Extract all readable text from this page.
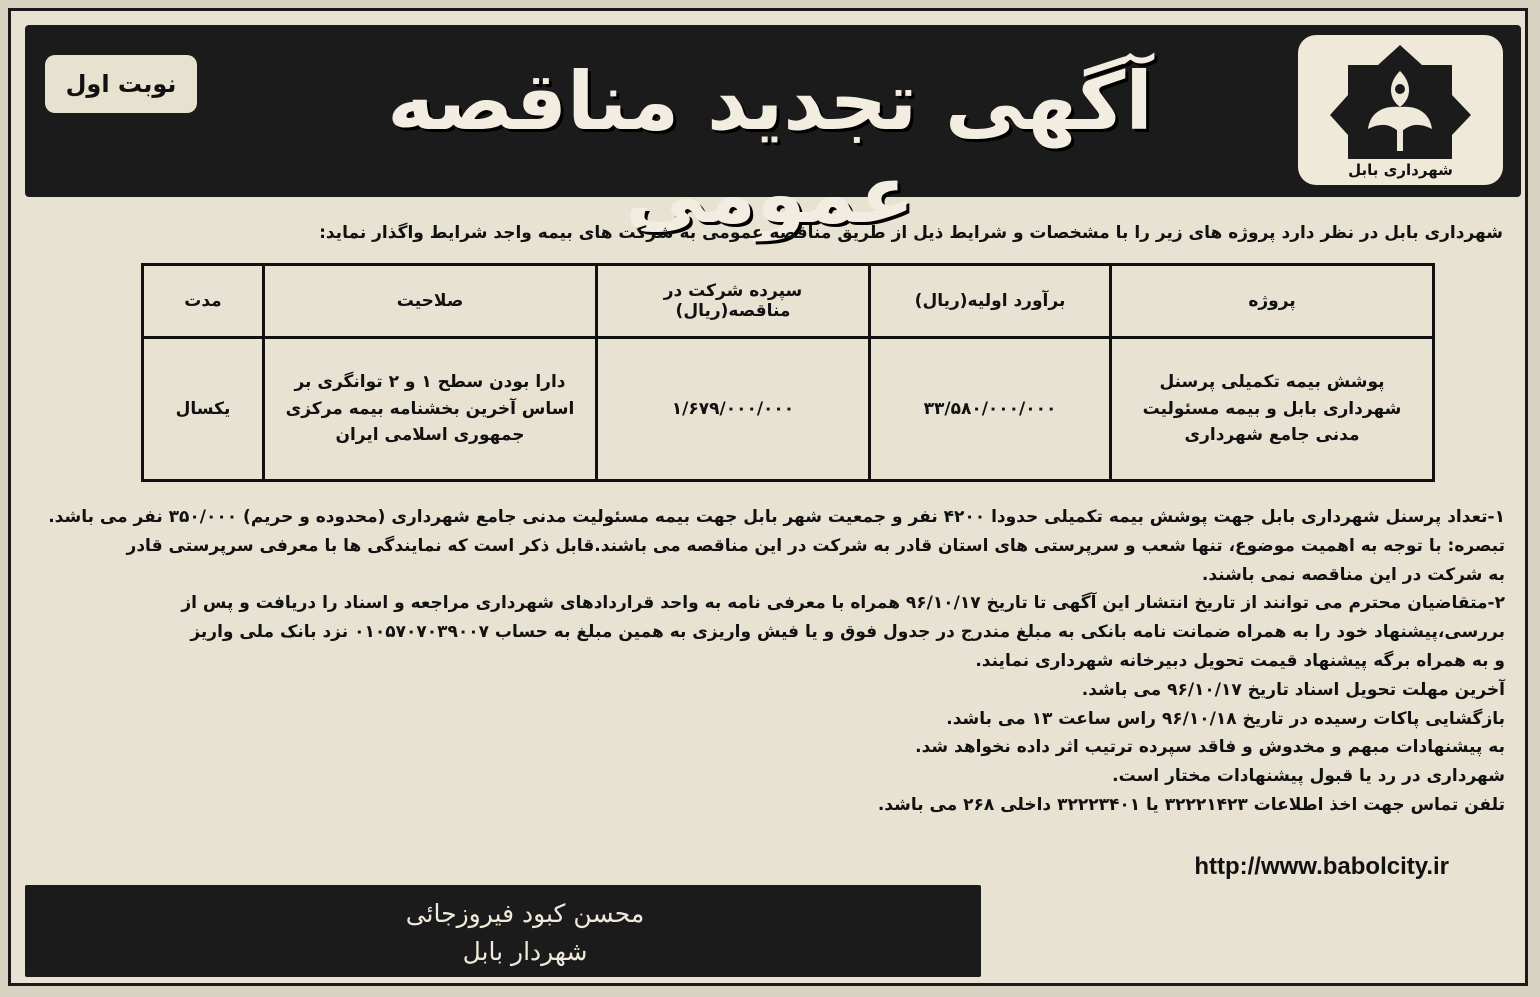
نوبت اول	آگهی تجدید مناقصه عمومی	شهرداری بابل
شهرداری بابل در نظر دارد پروژه های زیر را با مشخصات و شرایط ذیل از طریق مناقصه عمومی به شرکت های بیمه واجد شرایط واگذار نماید:
پروژه	برآورد اولیه(ریال)	سپرده شرکت در مناقصه(ریال)	صلاحیت	مدت
پوشش بیمه تکمیلی پرسنل شهرداری بابل و بیمه مسئولیت مدنی جامع شهرداری	۳۳/۵۸۰/۰۰۰/۰۰۰	۱/۶۷۹/۰۰۰/۰۰۰	دارا بودن سطح ۱ و ۲ توانگری بر اساس آخرین بخشنامه بیمه مرکزی جمهوری اسلامی ایران	یکسال

۱-تعداد پرسنل شهرداری بابل جهت پوشش بیمه تکمیلی حدودا ۴۲۰۰ نفر و جمعیت شهر بابل جهت بیمه مسئولیت مدنی جامع شهرداری (محدوده و حریم) ۳۵۰/۰۰۰ نفر می باشد.

تبصره: با توجه به اهمیت موضوع، تنها شعب و سرپرستی های استان قادر به شرکت در این مناقصه می باشند.قابل ذکر است که نمایندگی ها با معرفی سرپرستی قادر

به شرکت در این مناقصه نمی باشند.

۲-متقاضیان محترم می توانند از تاریخ انتشار این آگهی تا تاریخ ۹۶/۱۰/۱۷ همراه با معرفی نامه به واحد قراردادهای شهرداری مراجعه و اسناد را دریافت و پس از

بررسی،پیشنهاد خود را به همراه ضمانت نامه بانکی به مبلغ مندرج در جدول فوق و یا فیش واریزی به همین مبلغ به حساب ۰۱۰۵۷۰۷۰۳۹۰۰۷ نزد بانک ملی واریز

و به همراه برگه پیشنهاد قیمت تحویل دبیرخانه شهرداری نمایند.

آخرین مهلت تحویل اسناد تاریخ ۹۶/۱۰/۱۷ می باشد.

بازگشایی پاکات رسیده در تاریخ ۹۶/۱۰/۱۸ راس ساعت ۱۳ می باشد.

به پیشنهادات مبهم و مخدوش و فاقد سپرده ترتیب اثر داده نخواهد شد.

شهرداری در رد یا قبول پیشنهادات مختار است.

تلفن تماس جهت اخذ اطلاعات ۳۲۲۲۱۴۲۳ یا ۳۲۲۲۳۴۰۱ داخلی ۲۶۸ می باشد.

http://www.babolcity.ir
محسن کبود فیروزجائی
شهردار بابل
